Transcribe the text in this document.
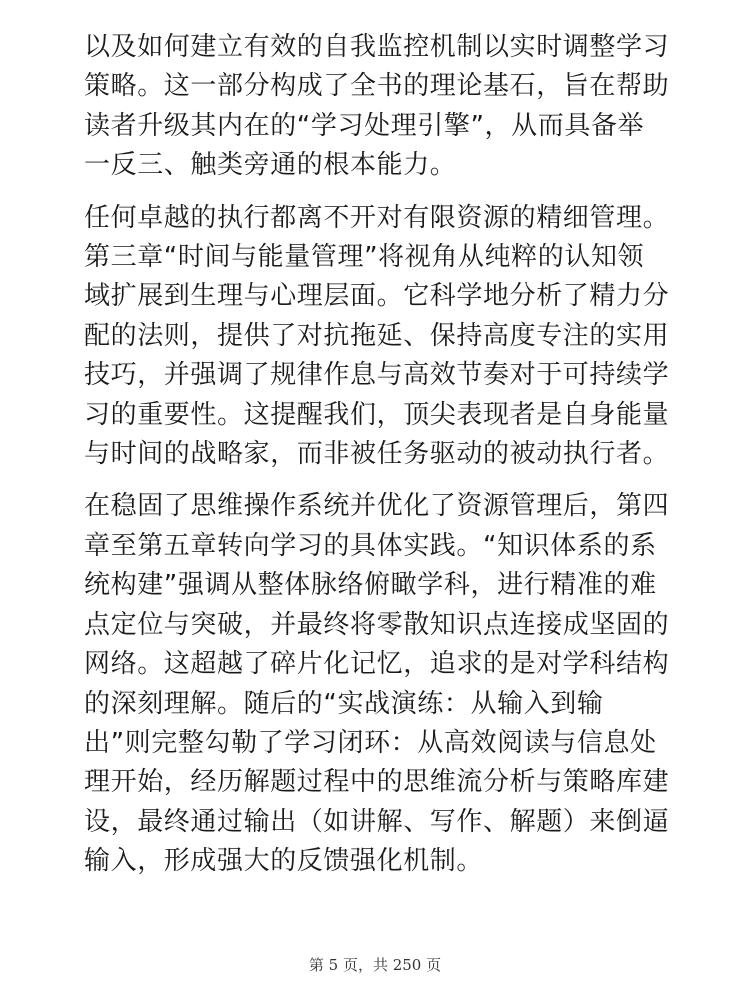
以及如何建立有效的自我监控机制以实时调整学习
策略。这一部分构成了全书的理论基石，旨在帮助
读者升级其内在的“学习处理引擎”，从而具备举
一反三、触类旁通的根本能力。
任何卓越的执行都离不开对有限资源的精细管理。
第三章“时间与能量管理”将视角从纯粹的认知领
域扩展到生理与心理层面。它科学地分析了精力分
配的法则，提供了对抗拖延、保持高度专注的实用
技巧，并强调了规律作息与高效节奏对于可持续学
习的重要性。这提醒我们，顶尖表现者是自身能量
与时间的战略家，而非被任务驱动的被动执行者。
在稳固了思维操作系统并优化了资源管理后，第四
章至第五章转向学习的具体实践。“知识体系的系
统构建”强调从整体脉络俯瞰学科，进行精准的难
点定位与突破，并最终将零散知识点连接成坚固的
网络。这超越了碎片化记忆，追求的是对学科结构
的深刻理解。随后的“实战演练：从输入到输
出”则完整勾勒了学习闭环：从高效阅读与信息处
理开始，经历解题过程中的思维流分析与策略库建
设，最终通过输出（如讲解、写作、解题）来倒逼
输入，形成强大的反馈强化机制。
第 5 页，共 250 页
